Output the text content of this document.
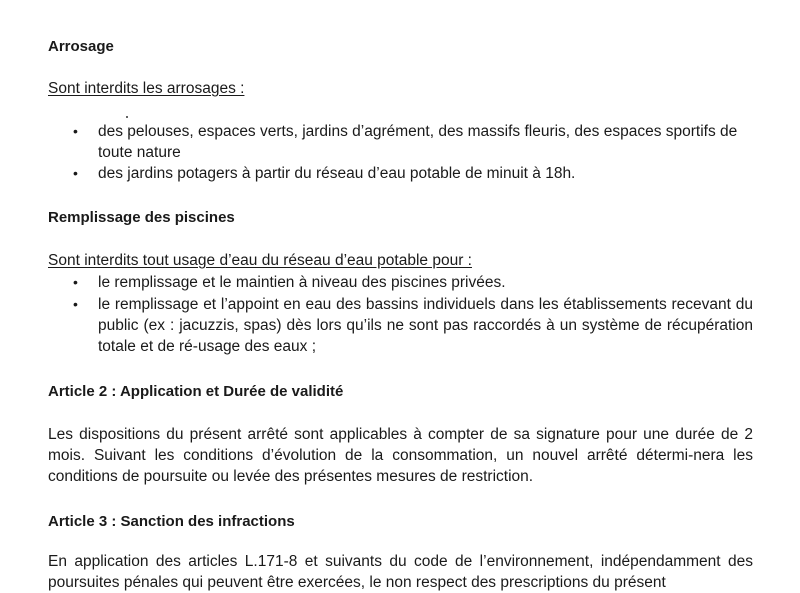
Arrosage

Sont interdits les arrosages :

• des pelouses, espaces verts, jardins d’agrément, des massifs fleuris, des espaces sportifs de toute nature
• des jardins potagers à partir du réseau d’eau potable de minuit à 18h.

Remplissage des piscines

Sont interdits tout usage d’eau du réseau d’eau potable pour :

• le remplissage et le maintien à niveau des piscines privées.
• le remplissage et l’appoint en eau des bassins individuels dans les établissements recevant du public (ex : jacuzzis, spas) dès lors qu’ils ne sont pas raccordés à un système de récupération totale et de ré-usage des eaux ;

Article 2 : Application et Durée de validité

Les dispositions du présent arrêté sont applicables à compter de sa signature pour une durée de 2 mois. Suivant les conditions d’évolution de la consommation, un nouvel arrêté détermi-nera les conditions de poursuite ou levée des présentes mesures de restriction.

Article 3 : Sanction des infractions

En application des articles L.171-8 et suivants du code de l’environnement, indépendamment des poursuites pénales qui peuvent être exercées, le non respect des prescriptions du présent
